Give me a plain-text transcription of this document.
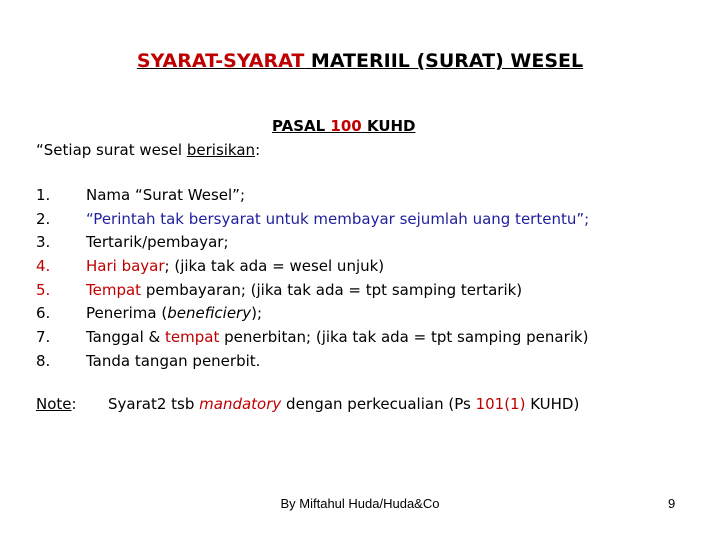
SYARAT-SYARAT MATERIIL (SURAT) WESEL
PASAL 100 KUHD
“Setiap surat wesel berisikan:
1. Nama “Surat Wesel”;
2. “Perintah tak bersyarat untuk membayar sejumlah uang tertentu”;
3. Tertarik/pembayar;
4. Hari bayar; (jika tak ada = wesel unjuk)
5. Tempat pembayaran; (jika tak ada = tpt samping tertarik)
6. Penerima (beneficiery);
7. Tanggal & tempat penerbitan; (jika tak ada = tpt samping penarik)
8. Tanda tangan penerbit.
Note: Syarat2 tsb mandatory dengan perkecualian (Ps 101(1) KUHD)
By Miftahul Huda/Huda&Co	9
